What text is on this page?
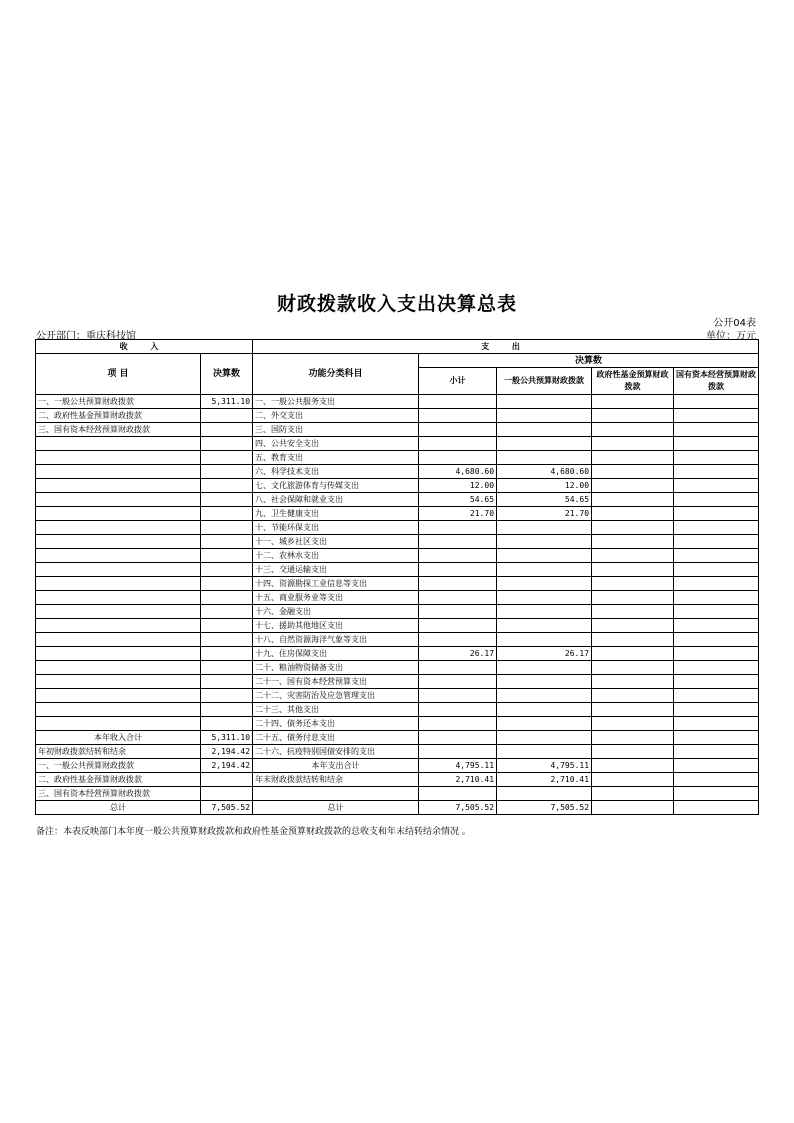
财政拨款收入支出决算总表
公开04表
公开部门：重庆科技馆	单位：万元
收 入		支 出				
项 目	决算数	功能分类科目	决算数			
			小计	一般公共预算财政拨款	政府性基金预算财政拨款	国有资本经营预算财政拨款
一、一般公共预算财政拨款	5,311.10	一、一般公共服务支出				
二、政府性基金预算财政拨款		二、外交支出				
三、国有资本经营预算财政拨款		三、国防支出				
		四、公共安全支出				
		五、教育支出				
		六、科学技术支出	4,680.60	4,680.60		
		七、文化旅游体育与传媒支出	12.00	12.00		
		八、社会保障和就业支出	54.65	54.65		
		九、卫生健康支出	21.70	21.70		
		十、节能环保支出				
		十一、城乡社区支出				
		十二、农林水支出				
		十三、交通运输支出				
		十四、资源勘探工业信息等支出				
		十五、商业服务业等支出				
		十六、金融支出				
		十七、援助其他地区支出				
		十八、自然资源海洋气象等支出				
		十九、住房保障支出	26.17	26.17		
		二十、粮油物资储备支出				
		二十一、国有资本经营预算支出				
		二十二、灾害防治及应急管理支出				
		二十三、其他支出				
		二十四、债务还本支出				
本年收入合计	5,311.10	二十五、债务付息支出				
年初财政拨款结转和结余	2,194.42	二十六、抗疫特别国债安排的支出				
一、一般公共预算财政拨款	2,194.42	本年支出合计	4,795.11	4,795.11		
二、政府性基金预算财政拨款		年末财政拨款结转和结余	2,710.41	2,710.41		
三、国有资本经营预算财政拨款						
总计	7,505.52	总计	7,505.52	7,505.52		
备注：本表反映部门本年度一般公共预算财政拨款和政府性基金预算财政拨款的总收支和年末结转结余情况 。
